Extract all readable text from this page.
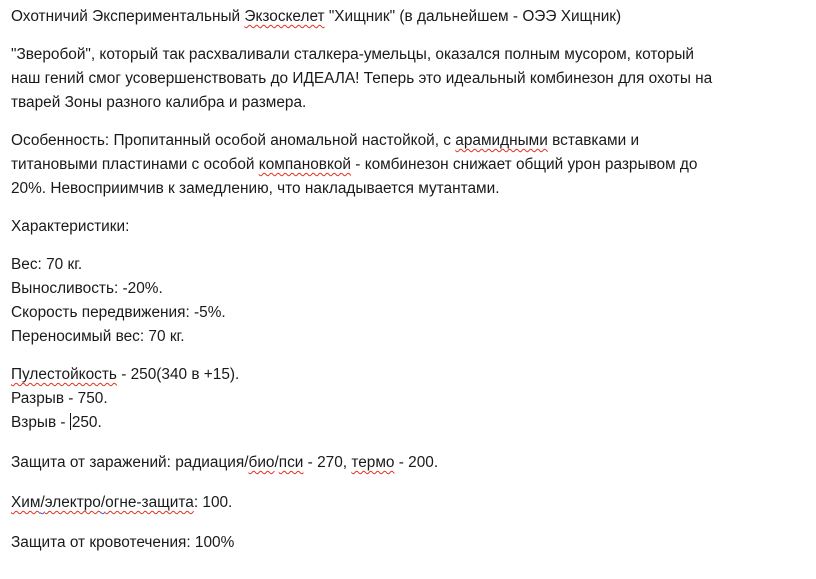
Охотничий Экспериментальный Экзоскелет "Хищник" (в дальнейшем - ОЭЭ Хищник)
"Зверобой", который так расхваливали сталкера-умельцы, оказался полным мусором, который
наш гений смог усовершенствовать до ИДЕАЛА! Теперь это идеальный комбинезон для охоты на
тварей Зоны разного калибра и размера.
Особенность: Пропитанный особой аномальной настойкой, с арамидными вставками и
титановыми пластинами с особой компановкой - комбинезон снижает общий урон разрывом до
20%. Невосприимчив к замедлению, что накладывается мутантами.
Характеристики:
Вес: 70 кг.
Выносливость: -20%.
Скорость передвижения: -5%.
Переносимый вес: 70 кг.
Пулестойкость - 250(340 в +15).
Разрыв - 750.
Взрыв - 250.
Защита от заражений: радиация/био/пси - 270, термо - 200.
Хим/электро/огне-защита: 100.
Защита от кровотечения: 100%
